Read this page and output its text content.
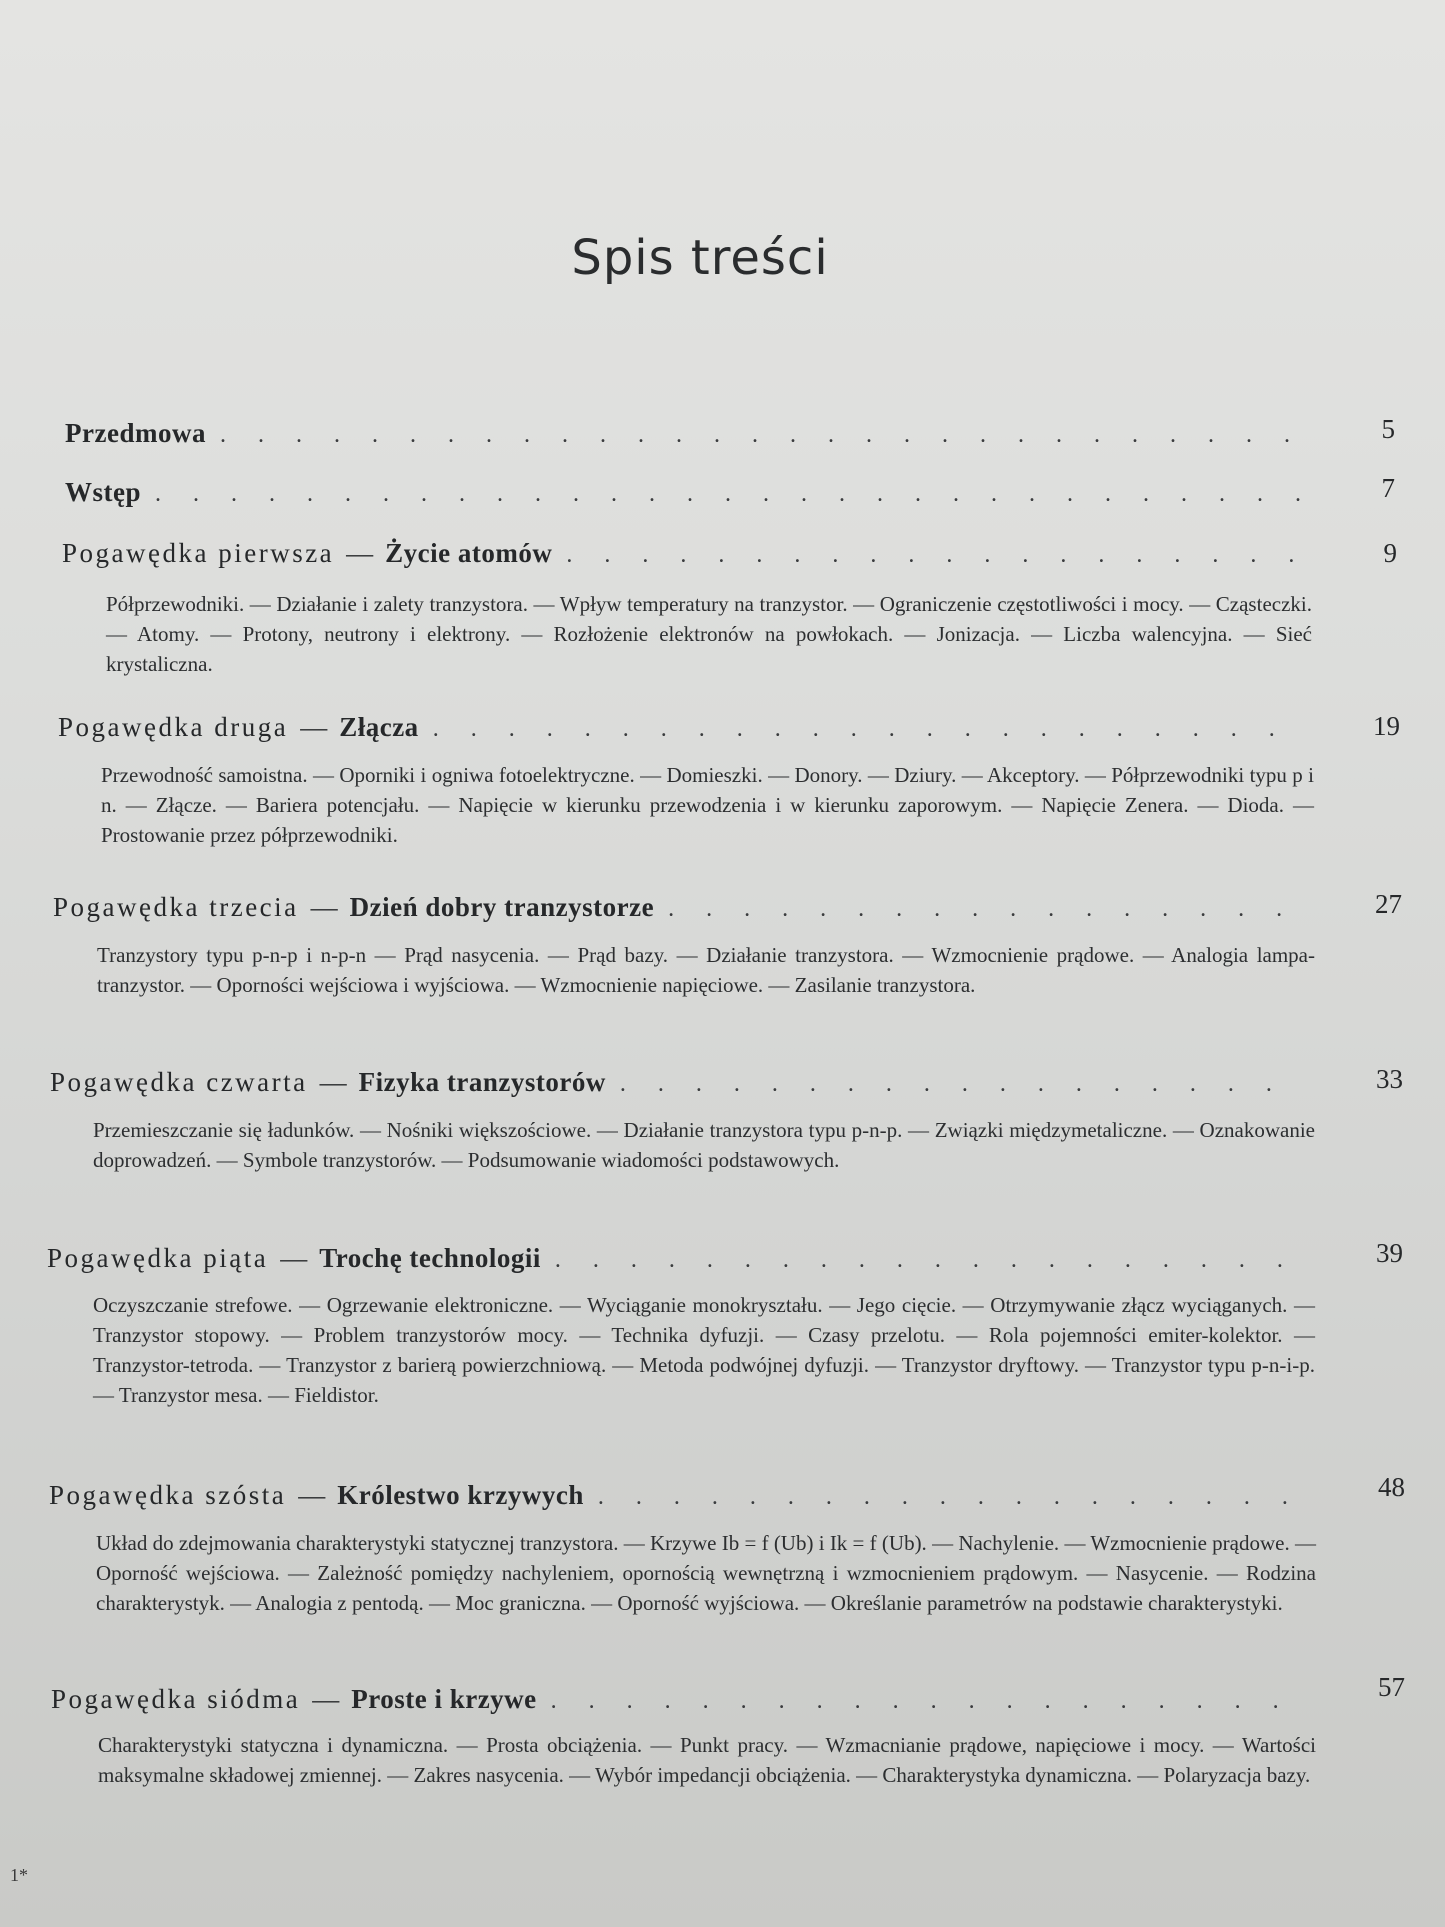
Spis treści
Przedmowa . . .	5
Wstęp . . .	7
Pogawędka pierwsza — Życie atomów . . .	9
Półprzewodniki. — Działanie i zalety tranzystora. — Wpływ temperatury na tranzystor. — Ograniczenie częstotliwości i mocy. — Cząsteczki. — Atomy. — Protony, neutrony i elektrony. — Rozłożenie elektronów na powłokach. — Jonizacja. — Liczba walencyjna. — Sieć krystaliczna.
Pogawędka druga — Złącza . . .	19
Przewodność samoistna. — Oporniki i ogniwa fotoelektryczne. — Domieszki. — Donory. — Dziury. — Akceptory. — Półprzewodniki typu p i n. — Złącze. — Bariera potencjału. — Napięcie w kierunku przewodzenia i w kierunku zaporowym. — Napięcie Zenera. — Dioda. — Prostowanie przez półprzewodniki.
Pogawędka trzecia — Dzień dobry tranzystorze . . .	27
Tranzystory typu p-n-p i n-p-n — Prąd nasycenia. — Prąd bazy. — Działanie tranzystora. — Wzmocnienie prądowe. — Analogia lampa-tranzystor. — Oporności wejściowa i wyjściowa. — Wzmocnienie napięciowe. — Zasilanie tranzystora.
Pogawędka czwarta — Fizyka tranzystorów . . .	33
Przemieszczanie się ładunków. — Nośniki większościowe. — Działanie tranzystora typu p-n-p. — Związki międzymetaliczne. — Oznakowanie doprowadzeń. — Symbole tranzystorów. — Podsumowanie wiadomości podstawowych.
Pogawędka piąta — Trochę technologii . . .	39
Oczyszczanie strefowe. — Ogrzewanie elektroniczne. — Wyciąganie monokryształu. — Jego cięcie. — Otrzymywanie złącz wyciąganych. — Tranzystor stopowy. — Problem tranzystorów mocy. — Technika dyfuzji. — Czasy przelotu. — Rola pojemności emiter-kolektor. — Tranzystor-tetroda. — Tranzystor z barierą powierzchniową. — Metoda podwójnej dyfuzji. — Tranzystor dryftowy. — Tranzystor typu p-n-i-p. — Tranzystor mesa. — Fieldistor.
Pogawędka szósta — Królestwo krzywych . . .	48
Układ do zdejmowania charakterystyki statycznej tranzystora. — Krzywe Ib = f (Ub) i Ik = f (Ub). — Nachylenie. — Wzmocnienie prądowe. — Oporność wejściowa. — Zależność pomiędzy nachyleniem, opornością wewnętrzną i wzmocnieniem prądowym. — Nasycenie. — Rodzina charakterystyk. — Analogia z pentodą. — Moc graniczna. — Oporność wyjściowa. — Określanie parametrów na podstawie charakterystyki.
Pogawędka siódma — Proste i krzywe . . .	57
Charakterystyki statyczna i dynamiczna. — Prosta obciążenia. — Punkt pracy. — Wzmacnianie prądowe, napięciowe i mocy. — Wartości maksymalne składowej zmiennej. — Zakres nasycenia. — Wybór impedancji obciążenia. — Charakterystyka dynamiczna. — Polaryzacja bazy.
1*
